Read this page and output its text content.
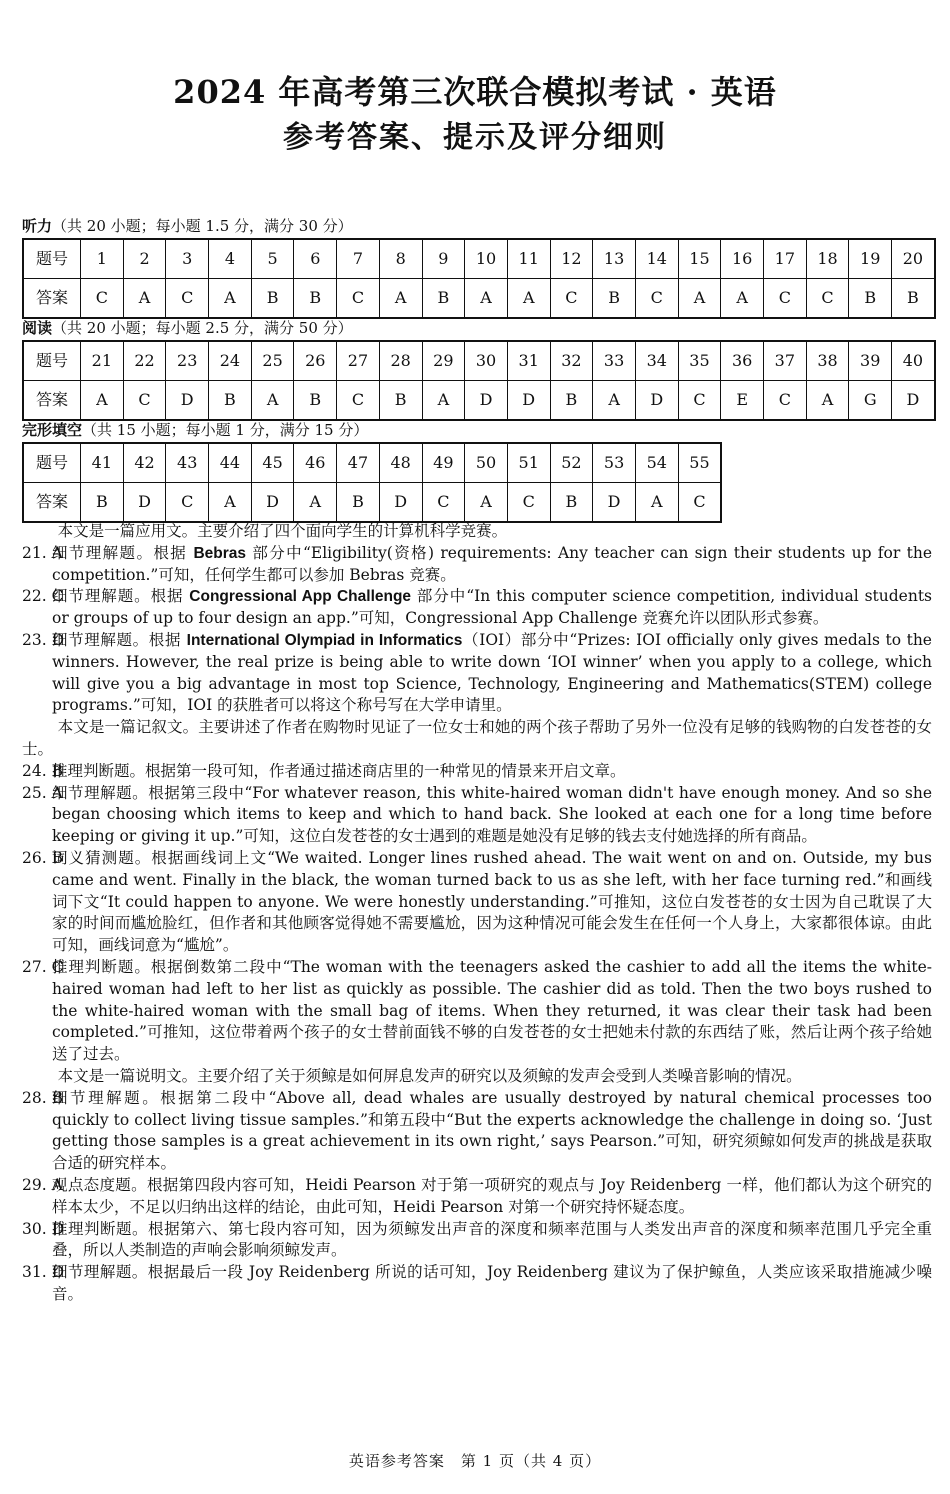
2024 年高考第三次联合模拟考试 · 英语
参考答案、提示及评分细则
听力（共 20 小题；每小题 1.5 分，满分 30 分）
题号	1	2	3	4	5	6	7	8	9	10	11	12	13	14	15	16	17	18	19	20
答案	C	A	C	A	B	B	C	A	B	A	A	C	B	C	A	A	C	C	B	B
阅读（共 20 小题；每小题 2.5 分，满分 50 分）
题号	21	22	23	24	25	26	27	28	29	30	31	32	33	34	35	36	37	38	39	40
答案	A	C	D	B	A	B	C	B	A	D	D	B	A	D	C	E	C	A	G	D
完形填空（共 15 小题；每小题 1 分，满分 15 分）
题号	41	42	43	44	45	46	47	48	49	50	51	52	53	54	55
答案	B	D	C	A	D	A	B	D	C	A	C	B	D	A	C

本文是一篇应用文。主要介绍了四个面向学生的计算机科学竞赛。

21. A
细节理解题。根据 Bebras 部分中“Eligibility(资格) requirements: Any teacher can sign their students up for the competition.”可知，任何学生都可以参加 Bebras 竞赛。

22. C
细节理解题。根据 Congressional App Challenge 部分中“In this computer science competition, individual students or groups of up to four design an app.”可知，Congressional App Challenge 竞赛允许以团队形式参赛。

23. D
细节理解题。根据 International Olympiad in Informatics（IOI）部分中“Prizes: IOI officially only gives medals to the winners. However, the real prize is being able to write down ‘IOI winner’ when you apply to a college, which will give you a big advantage in most top Science, Technology, Engineering and Mathematics(STEM) college programs.”可知，IOI 的获胜者可以将这个称号写在大学申请里。

本文是一篇记叙文。主要讲述了作者在购物时见证了一位女士和她的两个孩子帮助了另外一位没有足够的钱购物的白发苍苍的女士。

24. B
推理判断题。根据第一段可知，作者通过描述商店里的一种常见的情景来开启文章。

25. A
细节理解题。根据第三段中“For whatever reason, this white-haired woman didn't have enough money. And so she began choosing which items to keep and which to hand back. She looked at each one for a long time before keeping or giving it up.”可知，这位白发苍苍的女士遇到的难题是她没有足够的钱去支付她选择的所有商品。

26. B
词义猜测题。根据画线词上文“We waited. Longer lines rushed ahead. The wait went on and on. Outside, my bus came and went. Finally in the black, the woman turned back to us as she left, with her face turning red.”和画线词下文“It could happen to anyone. We were honestly understanding.”可推知，这位白发苍苍的女士因为自己耽误了大家的时间而尴尬脸红，但作者和其他顾客觉得她不需要尴尬，因为这种情况可能会发生在任何一个人身上，大家都很体谅。由此可知，画线词意为“尴尬”。

27. C
推理判断题。根据倒数第二段中“The woman with the teenagers asked the cashier to add all the items the white-haired woman had left to her list as quickly as possible. The cashier did as told. Then the two boys rushed to the white-haired woman with the small bag of items. When they returned, it was clear their task had been completed.”可推知，这位带着两个孩子的女士替前面钱不够的白发苍苍的女士把她未付款的东西结了账，然后让两个孩子给她送了过去。

本文是一篇说明文。主要介绍了关于须鲸是如何屏息发声的研究以及须鲸的发声会受到人类噪音影响的情况。

28. B
细节理解题。根据第二段中“Above all, dead whales are usually destroyed by natural chemical processes too quickly to collect living tissue samples.”和第五段中“But the experts acknowledge the challenge in doing so. ‘Just getting those samples is a great achievement in its own right,’ says Pearson.”可知，研究须鲸如何发声的挑战是获取合适的研究样本。

29. A
观点态度题。根据第四段内容可知，Heidi Pearson 对于第一项研究的观点与 Joy Reidenberg 一样，他们都认为这个研究的样本太少，不足以归纳出这样的结论，由此可知，Heidi Pearson 对第一个研究持怀疑态度。

30. D
推理判断题。根据第六、第七段内容可知，因为须鲸发出声音的深度和频率范围与人类发出声音的深度和频率范围几乎完全重叠，所以人类制造的声响会影响须鲸发声。

31. D
细节理解题。根据最后一段 Joy Reidenberg 所说的话可知，Joy Reidenberg 建议为了保护鲸鱼，人类应该采取措施减少噪音。

英语参考答案　第 1 页（共 4 页）
